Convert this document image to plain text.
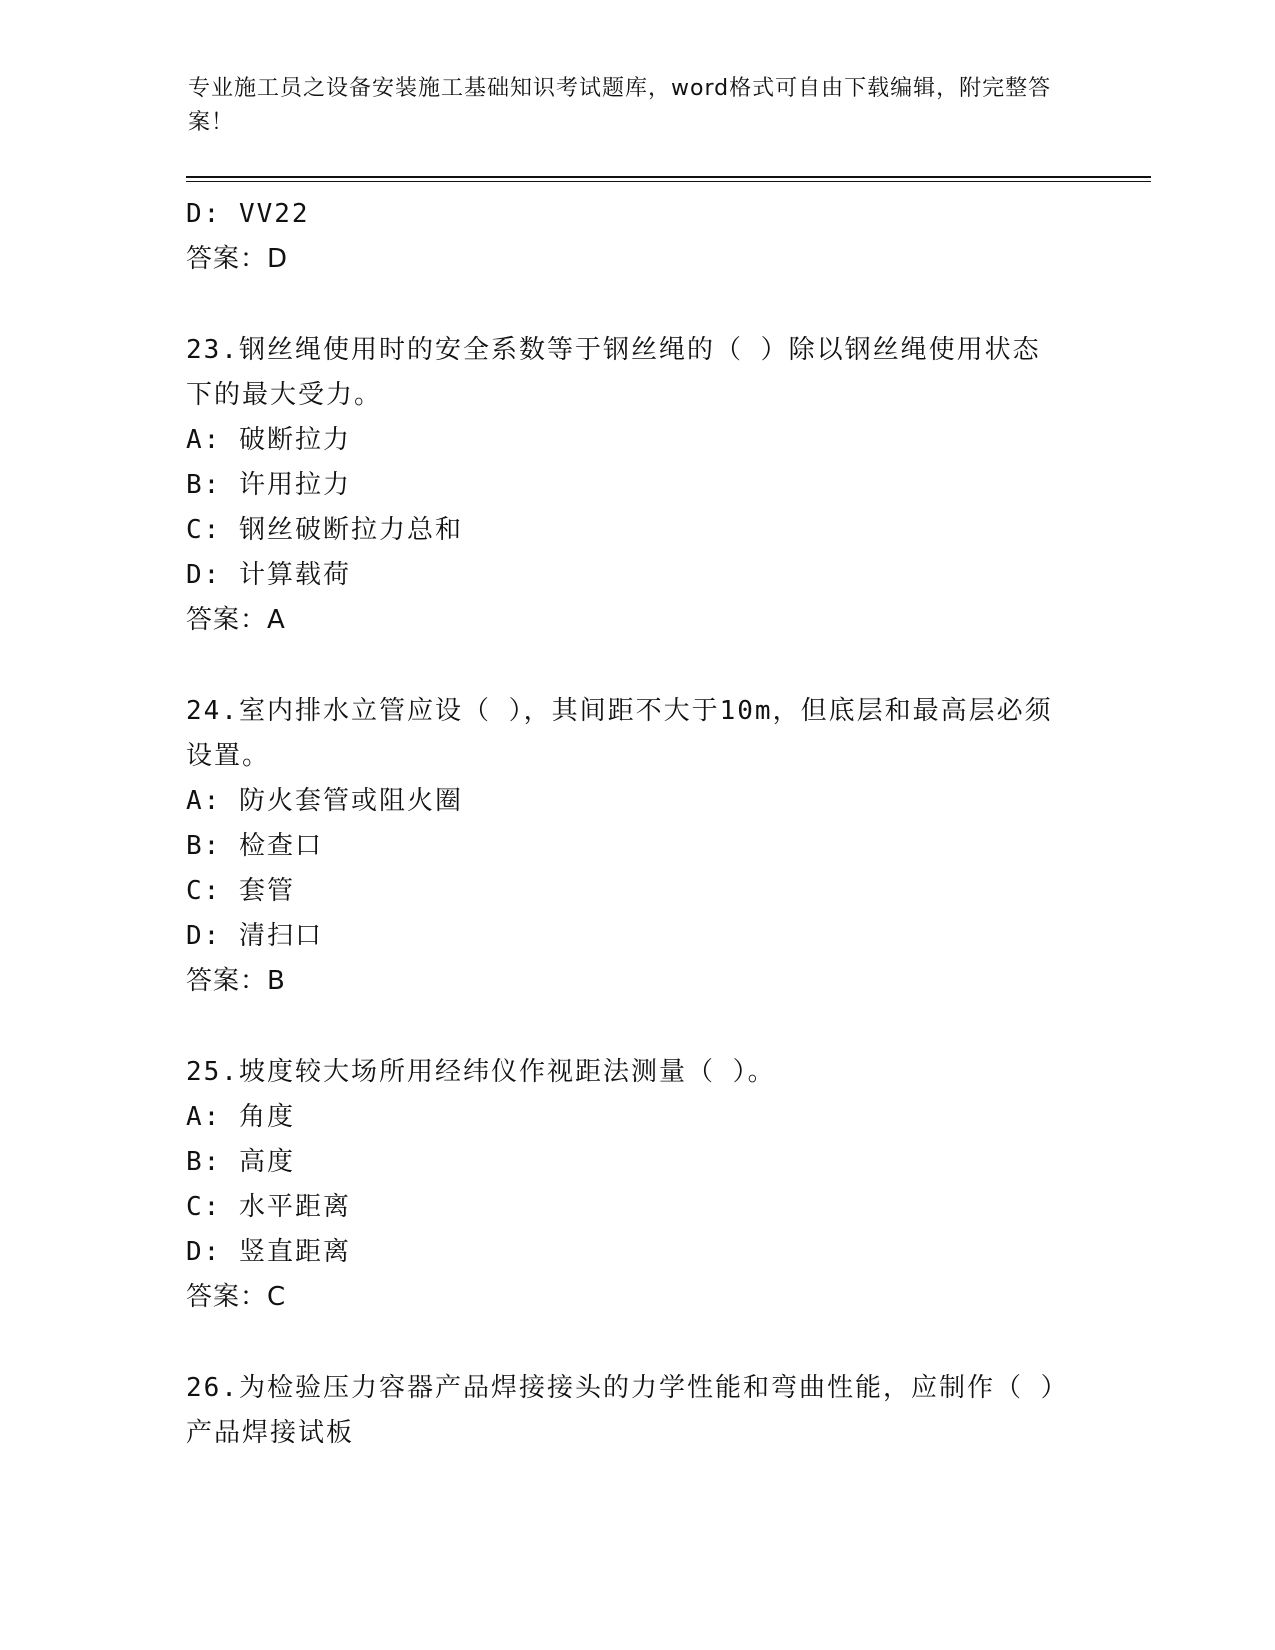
专业施工员之设备安装施工基础知识考试题库，word格式可自由下载编辑，附完整答案！
D: VV22
答案：D
23.钢丝绳使用时的安全系数等于钢丝绳的（ ）除以钢丝绳使用状态下的最大受力。
A: 破断拉力
B: 许用拉力
C: 钢丝破断拉力总和
D: 计算载荷
答案：A
24.室内排水立管应设（ ），其间距不大于10m，但底层和最高层必须设置。
A: 防火套管或阻火圈
B: 检查口
C: 套管
D: 清扫口
答案：B
25.坡度较大场所用经纬仪作视距法测量（ ）。
A: 角度
B: 高度
C: 水平距离
D: 竖直距离
答案：C
26.为检验压力容器产品焊接接头的力学性能和弯曲性能，应制作（ ）产品焊接试板
